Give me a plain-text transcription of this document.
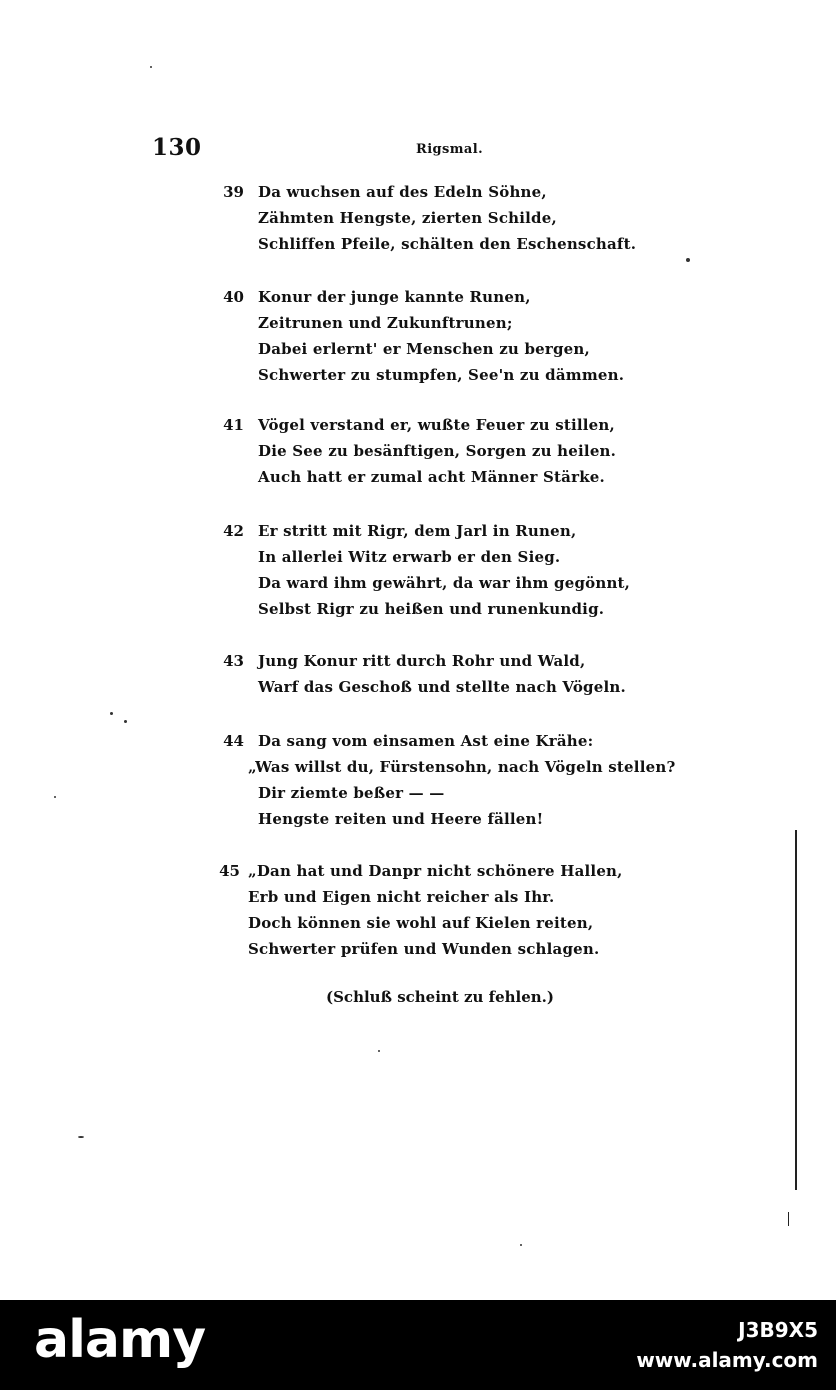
130	Rigsmal.
39 Da wuchsen auf des Edeln Söhne,
Zähmten Hengste, zierten Schilde,
Schliffen Pfeile, schälten den Eschenschaft.
40 Konur der junge kannte Runen,
Zeitrunen und Zukunftrunen;
Dabei erlernt' er Menschen zu bergen,
Schwerter zu stumpfen, See'n zu dämmen.
41 Vögel verstand er, wußte Feuer zu stillen,
Die See zu besänftigen, Sorgen zu heilen.
Auch hatt er zumal acht Männer Stärke.
42 Er stritt mit Rigr, dem Jarl in Runen,
In allerlei Witz erwarb er den Sieg.
Da ward ihm gewährt, da war ihm gegönnt,
Selbst Rigr zu heißen und runenkundig.
43 Jung Konur ritt durch Rohr und Wald,
Warf das Geschoß und stellte nach Vögeln.
44 Da sang vom einsamen Ast eine Krähe:
„Was willst du, Fürstensohn, nach Vögeln stellen?
Dir ziemte beßer — —
Hengste reiten und Heere fällen!
45 „Dan hat und Danpr nicht schönere Hallen,
Erb und Eigen nicht reicher als Ihr.
Doch können sie wohl auf Kielen reiten,
Schwerter prüfen und Wunden schlagen.
(Schluß scheint zu fehlen.)
alamy	J3B9X5
www.alamy.com
